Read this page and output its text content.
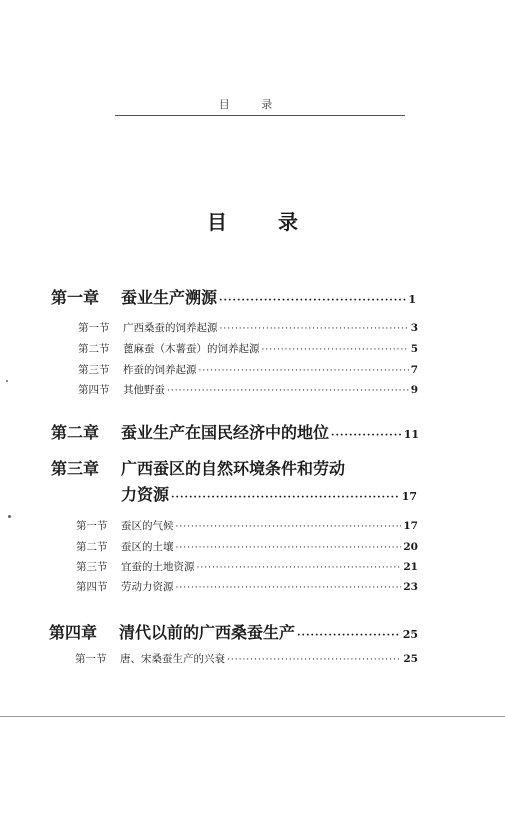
目 录
目 录
第一章	蚕业生产溯源 ·····	1
第一节	广西桑蚕的饲养起源 ·····	3
第二节	蓖麻蚕（木薯蚕）的饲养起源 ·····	5
第三节	柞蚕的饲养起源 ·····	7
第四节	其他野蚕 ·····	9
第二章	蚕业生产在国民经济中的地位 ·····	11
第三章 广西蚕区的自然环境条件和劳动
力资源 ·····	17
第一节	蚕区的气候 ·····	17
第二节	蚕区的土壤 ·····	20
第三节	宜蚕的土地资源 ·····	21
第四节	劳动力资源 ·····	23
第四章	清代以前的广西桑蚕生产 ·····	25
第一节	唐、宋桑蚕生产的兴衰 ·····	25
